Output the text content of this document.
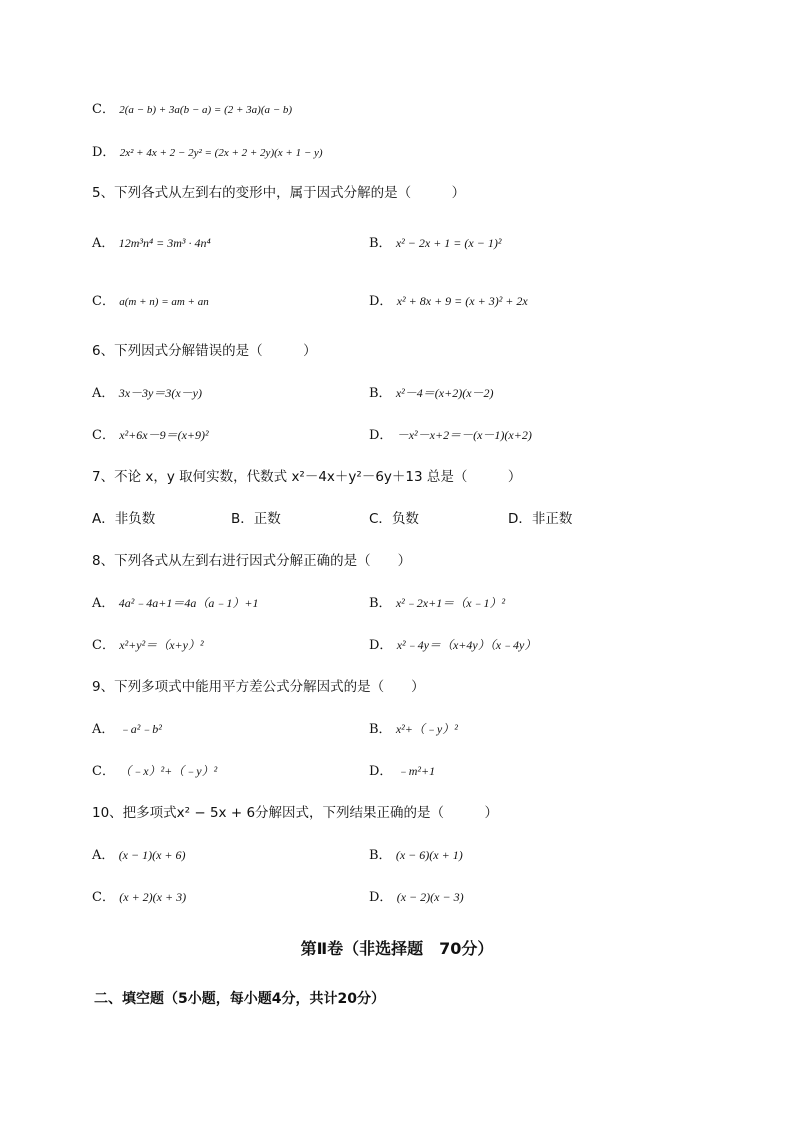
C． 2(a − b) + 3a(b − a) = (2 + 3a)(a − b)
D． 2x² + 4x + 2 − 2y² = (2x + 2 + 2y)(x + 1 − y)
5、下列各式从左到右的变形中，属于因式分解的是（　　　）
A． 12m³n⁴ = 3m³ · 4n⁴	B． x² − 2x + 1 = (x − 1)²
C． a(m + n) = am + an	D． x² + 8x + 9 = (x + 3)² + 2x
6、下列因式分解错误的是（　　　）
A． 3x－3y＝3(x－y)	B． x²－4＝(x+2)(x－2)
C． x²+6x－9＝(x+9)²	D． －x²－x+2＝－(x－1)(x+2)
7、不论 x，y 取何实数，代数式 x²－4x＋y²－6y＋13 总是（　　　）
A．非负数	B．正数	C．负数	D．非正数
8、下列各式从左到右进行因式分解正确的是（　　）
A． 4a²﹣4a+1＝4a（a﹣1）+1	B． x²﹣2x+1＝（x﹣1）²
C． x²+y²＝（x+y）²	D． x²﹣4y＝（x+4y）（x﹣4y）
9、下列多项式中能用平方差公式分解因式的是（　　）
A． ﹣a²﹣b²	B． x²+（﹣y）²
C． （﹣x）²+（﹣y）²	D． ﹣m²+1
10、把多项式x² − 5x + 6分解因式，下列结果正确的是（　　　）
A． (x − 1)(x + 6)	B． (x − 6)(x + 1)
C． (x + 2)(x + 3)	D． (x − 2)(x − 3)
第Ⅱ卷（非选择题　70分）
二、填空题（5小题，每小题4分，共计20分）
